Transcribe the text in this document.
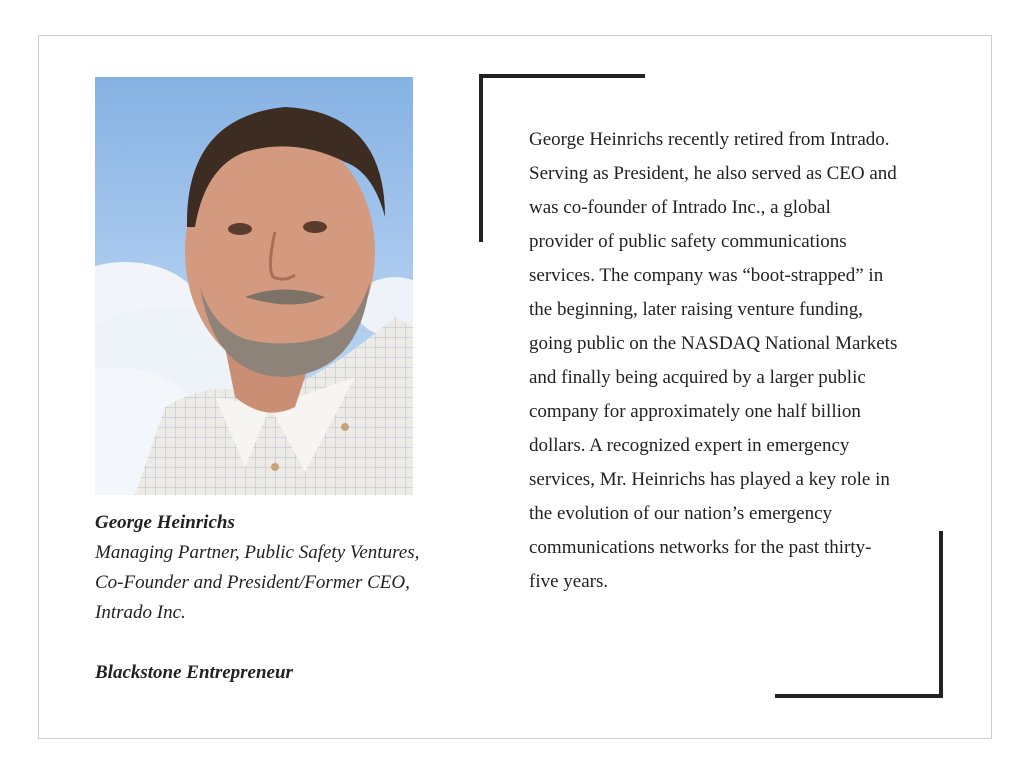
George Heinrichs
Managing Partner, Public Safety Ventures, Co-Founder and President/Former CEO, Intrado Inc.
Blackstone Entrepreneur
George Heinrichs recently retired from Intrado. Serving as President, he also served as CEO and was co-founder of Intrado Inc., a global provider of public safety communications services. The company was “boot-strapped” in the beginning, later raising venture funding, going public on the NASDAQ National Markets and finally being acquired by a larger public company for approximately one half billion dollars. A recognized expert in emergency services, Mr. Heinrichs has played a key role in the evolution of our nation’s emergency communications networks for the past thirty-five years.
